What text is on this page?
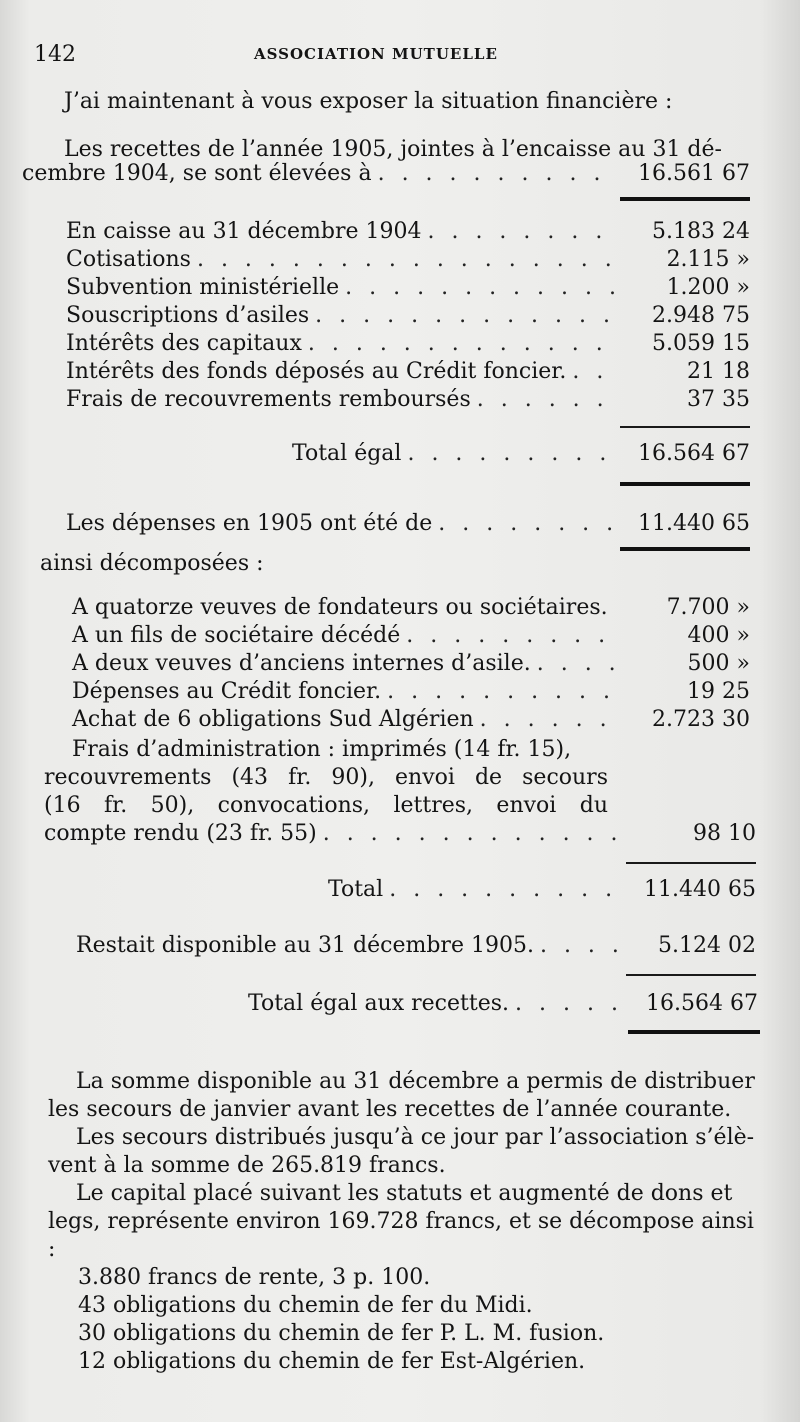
142	ASSOCIATION MUTUELLE
J’ai maintenant à vous exposer la situation financière :
Les recettes de l’année 1905, jointes à l’encaisse au 31 dé-
cembre 1904, se sont élevées à . . .	16.561 67
En caisse au 31 décembre 1904 . . .	5.183 24
Cotisations . . .	2.115 »
Subvention ministérielle . . .	1.200 »
Souscriptions d’asiles . . .	2.948 75
Intérêts des capitaux . . .	5.059 15
Intérêts des fonds déposés au Crédit foncier. . . .	21 18
Frais de recouvrements remboursés . . .	37 35
Total égal . . .	16.564 67
Les dépenses en 1905 ont été de . . .	11.440 65
ainsi décomposées :
A quatorze veuves de fondateurs ou sociétaires. . . .	7.700 »
A un fils de sociétaire décédé . . .	400 »
A deux veuves d’anciens internes d’asile. . . .	500 »
Dépenses au Crédit foncier. . . .	19 25
Achat de 6 obligations Sud Algérien . . .	2.723 30
Frais d’administration : imprimés (14 fr. 15),
recouvrements (43 fr. 90), envoi de secours
(16 fr. 50), convocations, lettres, envoi du
compte rendu (23 fr. 55) . . .	98 10
Total . . .	11.440 65
Restait disponible au 31 décembre 1905. . . .	5.124 02
Total égal aux recettes. . . .	16.564 67
La somme disponible au 31 décembre a permis de distribuer
les secours de janvier avant les recettes de l’année courante.
Les secours distribués jusqu’à ce jour par l’association s’élè-
vent à la somme de 265.819 francs.
Le capital placé suivant les statuts et augmenté de dons et
legs, représente environ 169.728 francs, et se décompose ainsi :
3.880 francs de rente, 3 p. 100.
43 obligations du chemin de fer du Midi.
30 obligations du chemin de fer P. L. M. fusion.
12 obligations du chemin de fer Est-Algérien.
